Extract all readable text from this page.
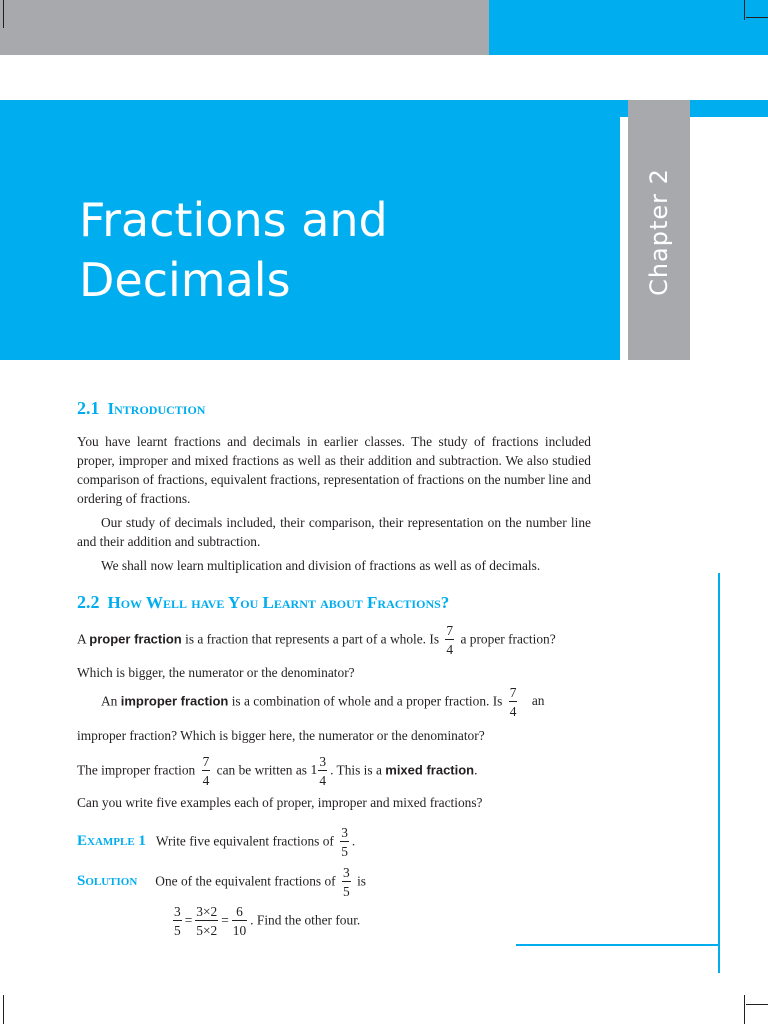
Chapter 2
Fractions and
Decimals
2.1 Introduction
You have learnt fractions and decimals in earlier classes. The study of fractions included proper, improper and mixed fractions as well as their addition and subtraction. We also studied comparison of fractions, equivalent fractions, representation of fractions on the number line and ordering of fractions.
Our study of decimals included, their comparison, their representation on the number line and their addition and subtraction.
We shall now learn multiplication and division of fractions as well as of decimals.
2.2 How Well have You Learnt about Fractions?
A proper fraction is a fraction that represents a part of a whole. Is $\frac{7}{4}$ a proper fraction?
Which is bigger, the numerator or the denominator?
An improper fraction is a combination of whole and a proper fraction. Is $\frac{7}{4}$ an
improper fraction? Which is bigger here, the numerator or the denominator?
The improper fraction $\frac{7}{4}$ can be written as $1 \frac{3}{4}$ . This is a mixed fraction.
Can you write five examples each of proper, improper and mixed fractions?
Example 1 Write five equivalent fractions of $\frac{3}{5}$ .
Solution One of the equivalent fractions of $\frac{3}{5}$ is
$\frac{3}{5} = \frac{3\times 2}{5\times 2} = \frac{6}{10}$ . Find the other four.
